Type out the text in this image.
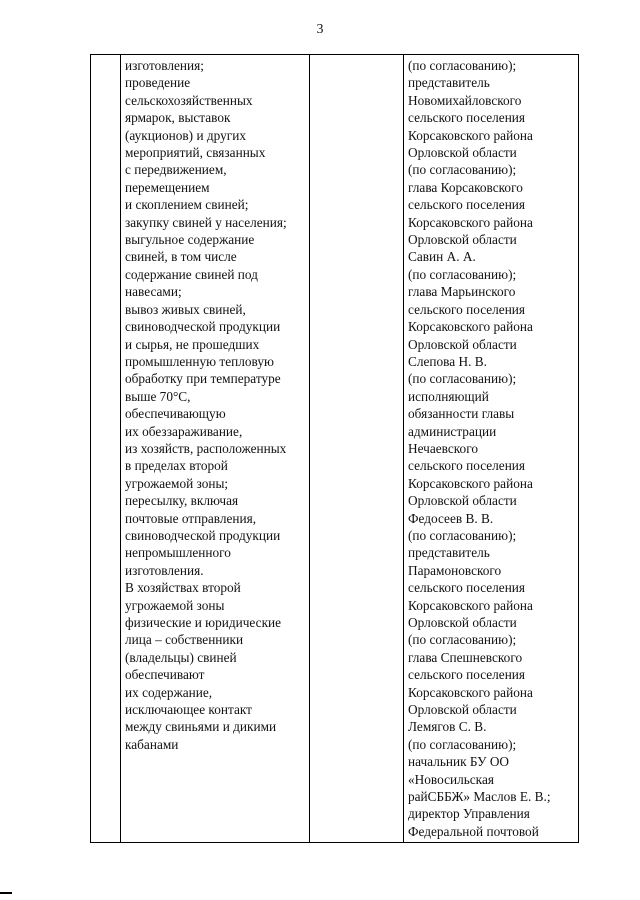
3

изготовления;
проведение
сельскохозяйственных
ярмарок, выставок
(аукционов) и других
мероприятий, связанных
с передвижением,
перемещением
и скоплением свиней;
закупку свиней у населения;
выгульное содержание
свиней, в том числе
содержание свиней под
навесами;
вывоз живых свиней,
свиноводческой продукции
и сырья, не прошедших
промышленную тепловую
обработку при температуре
выше 70°С,
обеспечивающую
их обеззараживание,
из хозяйств, расположенных
в пределах второй
угрожаемой зоны;
пересылку, включая
почтовые отправления,
свиноводческой продукции
непромышленного
изготовления.
В хозяйствах второй
угрожаемой зоны
физические и юридические
лица – собственники
(владельцы) свиней
обеспечивают
их содержание,
исключающее контакт
между свиньями и дикими
кабанами

(по согласованию);
представитель
Новомихайловского
сельского поселения
Корсаковского района
Орловской области
(по согласованию);
глава Корсаковского
сельского поселения
Корсаковского района
Орловской области
Савин А. А.
(по согласованию);
глава Марьинского
сельского поселения
Корсаковского района
Орловской области
Слепова Н. В.
(по согласованию);
исполняющий
обязанности главы
администрации
Нечаевского
сельского поселения
Корсаковского района
Орловской области
Федосеев В. В.
(по согласованию);
представитель
Парамоновского
сельского поселения
Корсаковского района
Орловской области
(по согласованию);
глава Спешневского
сельского поселения
Корсаковского района
Орловской области
Лемягов С. В.
(по согласованию);
начальник БУ ОО
«Новосильская
райСББЖ» Маслов Е. В.;
директор Управления
Федеральной почтовой
